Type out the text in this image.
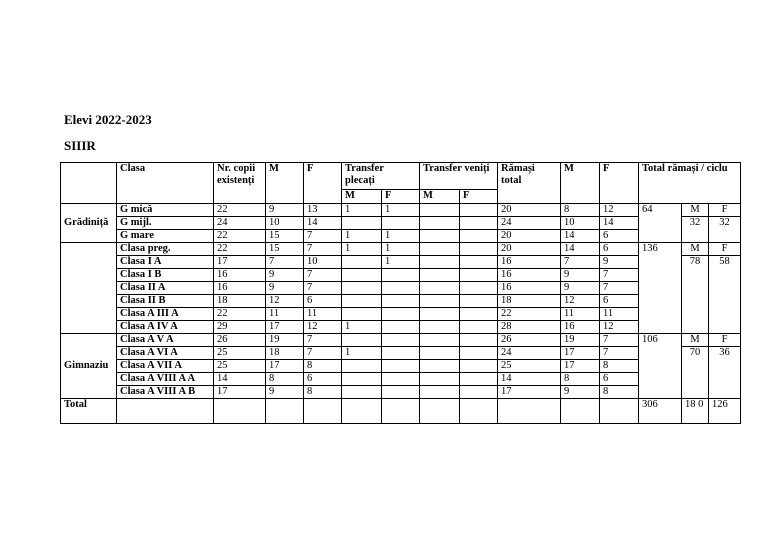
Elevi 2022-2023
SIIIR
	Clasa	Nr. copii existenți	M	F	Transfer plecați		Transfer veniți		Rămași total	M	F	Total rămași / ciclu		
					M	F	M	F						
Grădiniță	G mică	22	9	13	1	1			20	8	12	64	M	F
	G mijl.	24	10	14					24	10	14		32	32
	G mare	22	15	7	1	1			20	14	6			
	Clasa preg.	22	15	7	1	1			20	14	6	136	M	F
	Clasa I A	17	7	10		1			16	7	9		78	58
	Clasa I B	16	9	7					16	9	7			
	Clasa II A	16	9	7					16	9	7			
	Clasa II B	18	12	6					18	12	6			
	Clasa A III A	22	11	11					22	11	11			
	Clasa A IV A	29	17	12	1				28	16	12			
Gimnaziu	Clasa A V A	26	19	7					26	19	7	106	M	F
	Clasa A VI A	25	18	7	1				24	17	7		70	36
	Clasa A VII A	25	17	8					25	17	8			
	Clasa A VIII A A	14	8	6					14	8	6			
	Clasa A VIII A B	17	9	8					17	9	8			
Total												306	18 0	126
